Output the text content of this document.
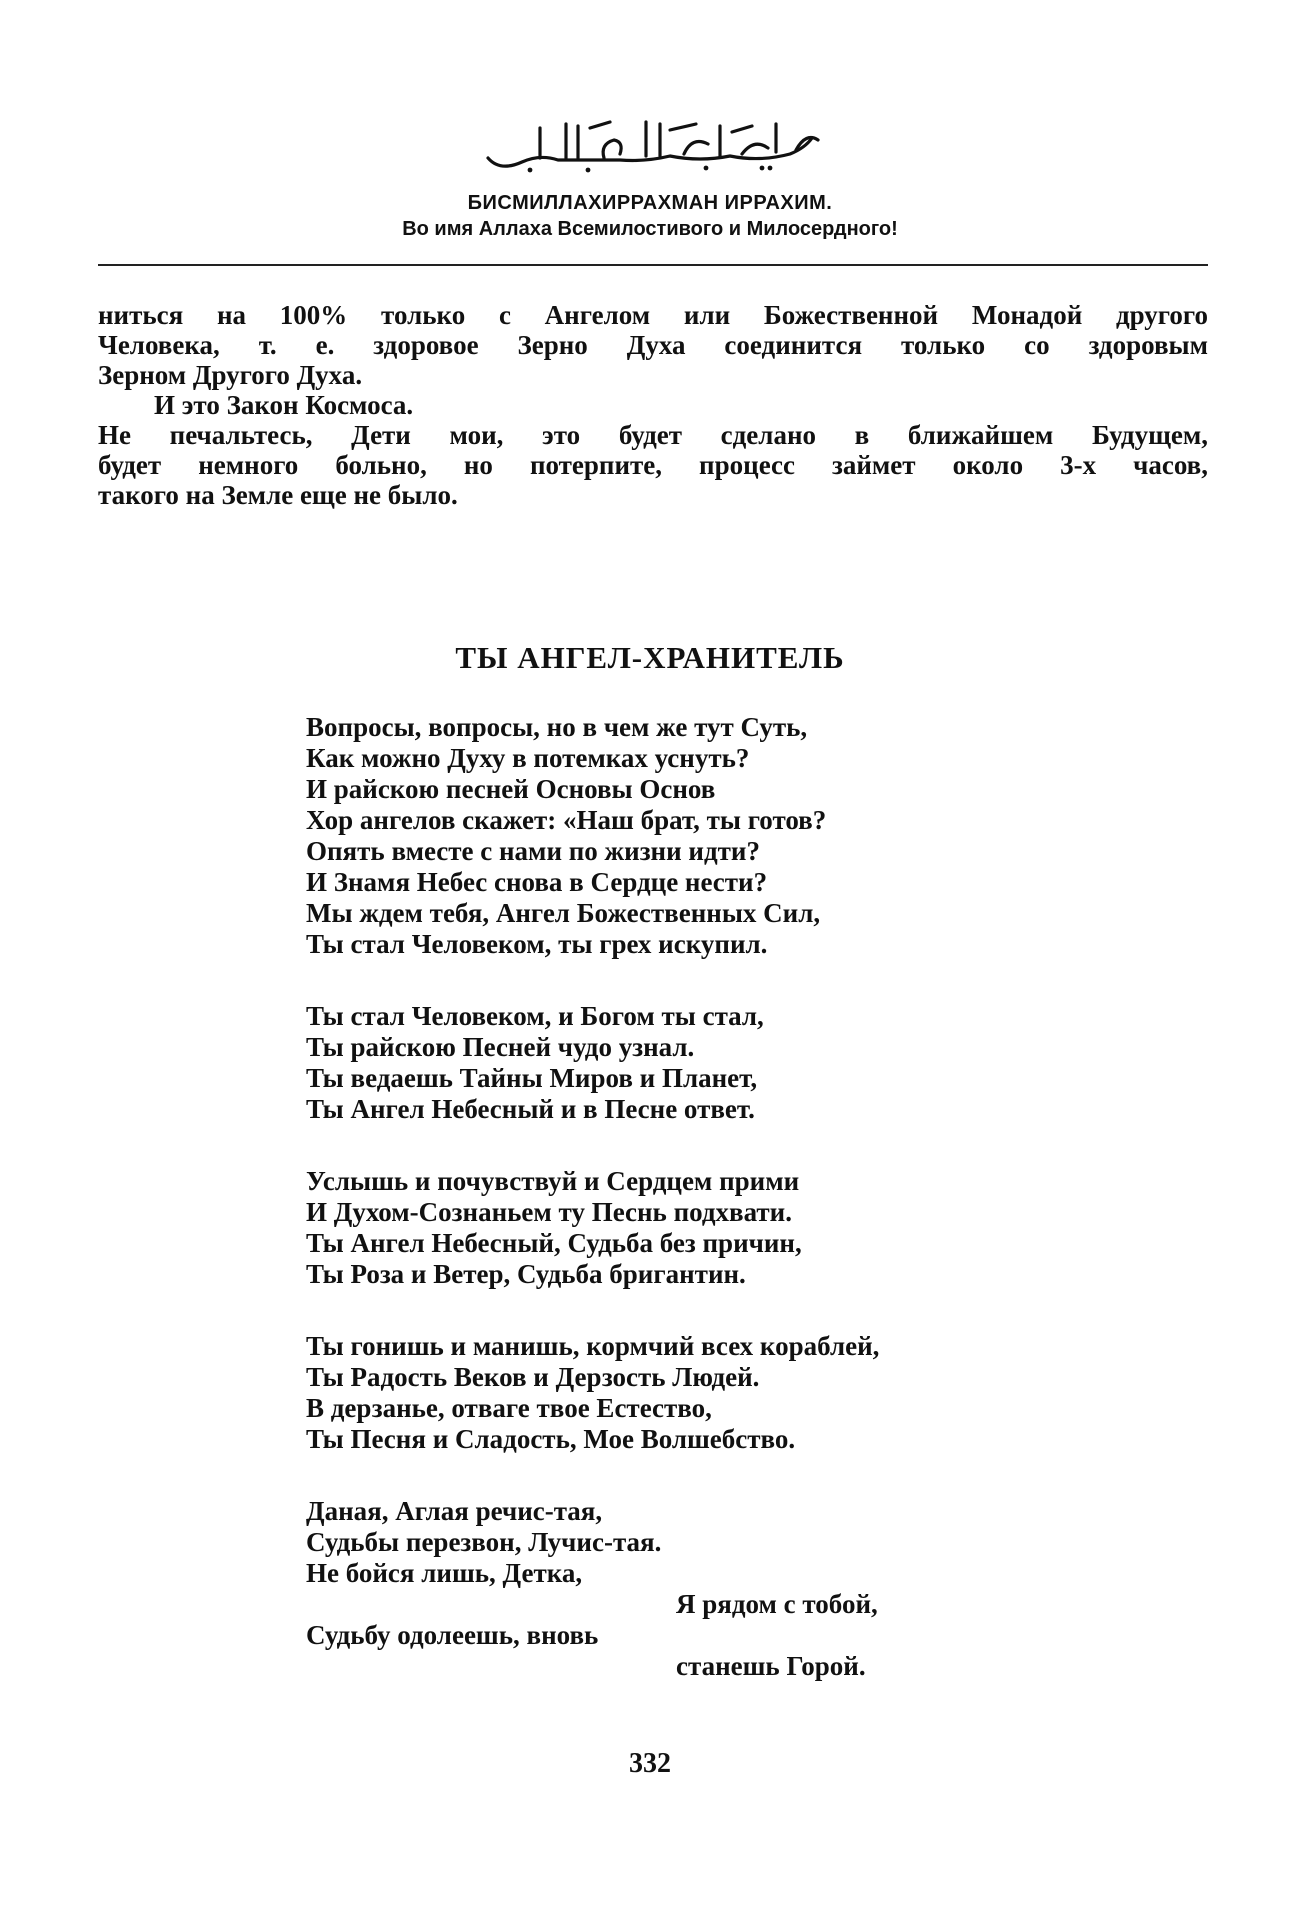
БИСМИЛЛАХИРРАХМАН ИРРАХИМ.
Во имя Аллаха Всемилостивого и Милосердного!
ниться на 100% только с Ангелом или Божественной Монадой другого
Человека, т. е. здоровое Зерно Духа соединится только со здоровым
Зерном Другого Духа.
И это Закон Космоса.
Не печальтесь, Дети мои, это будет сделано в ближайшем Будущем,
будет немного больно, но потерпите, процесс займет около 3-х часов,
такого на Земле еще не было.
ТЫ АНГЕЛ-ХРАНИТЕЛЬ
Вопросы, вопросы, но в чем же тут Суть,
Как можно Духу в потемках уснуть?
И райскою песней Основы Основ
Хор ангелов скажет: «Наш брат, ты готов?
Опять вместе с нами по жизни идти?
И Знамя Небес снова в Сердце нести?
Мы ждем тебя, Ангел Божественных Сил,
Ты стал Человеком, ты грех искупил.
Ты стал Человеком, и Богом ты стал,
Ты райскою Песней чудо узнал.
Ты ведаешь Тайны Миров и Планет,
Ты Ангел Небесный и в Песне ответ.
Услышь и почувствуй и Сердцем прими
И Духом-Сознаньем ту Песнь подхвати.
Ты Ангел Небесный, Судьба без причин,
Ты Роза и Ветер, Судьба бригантин.
Ты гонишь и манишь, кормчий всех кораблей,
Ты Радость Веков и Дерзость Людей.
В дерзанье, отваге твое Естество,
Ты Песня и Сладость, Мое Волшебство.
Даная, Аглая речис-тая,
Судьбы перезвон, Лучис-тая.
Не бойся лишь, Детка,
Я рядом с тобой,
Судьбу одолеешь, вновь
станешь Горой.
332
